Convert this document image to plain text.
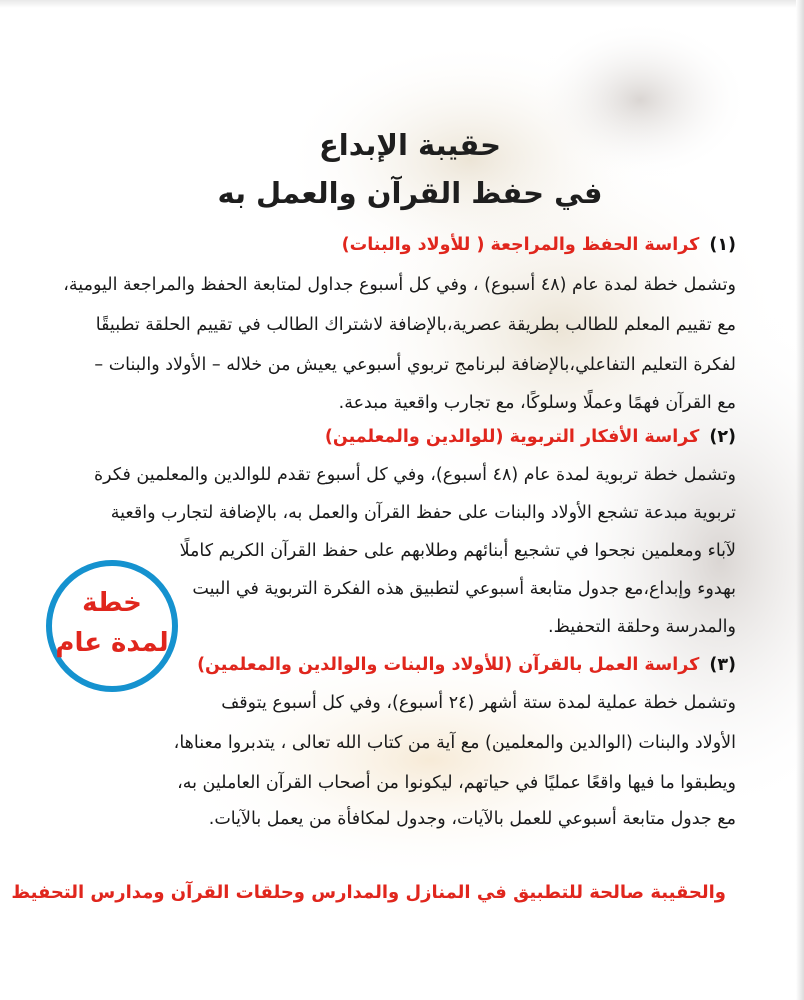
حقيبة الإبداع
في حفظ القرآن والعمل به
(١)كراسة الحفظ والمراجعة ( للأولاد والبنات)
وتشمل خطة لمدة عام (٤٨ أسبوع) ، وفي كل أسبوع جداول لمتابعة الحفظ والمراجعة اليومية،
مع تقييم المعلم للطالب بطريقة عصرية،بالإضافة لاشتراك الطالب في تقييم الحلقة تطبيقًا
لفكرة التعليم التفاعلي،بالإضافة لبرنامج تربوي أسبوعي يعيش من خلاله – الأولاد والبنات –
مع القرآن فهمًا وعملًا وسلوكًا، مع تجارب واقعية مبدعة.
(٢)كراسة الأفكار التربوية (للوالدين والمعلمين)
وتشمل خطة تربوية لمدة عام (٤٨ أسبوع)، وفي كل أسبوع تقدم للوالدين والمعلمين فكرة
تربوية مبدعة تشجع الأولاد والبنات على حفظ القرآن والعمل به، بالإضافة لتجارب واقعية
لآباء ومعلمين نجحوا في تشجيع أبنائهم وطلابهم على حفظ القرآن الكريم كاملًا
بهدوء وإبداع،مع جدول متابعة أسبوعي لتطبيق هذه الفكرة التربوية في البيت
والمدرسة وحلقة التحفيظ.
(٣)كراسة العمل بالقرآن (للأولاد والبنات والوالدين والمعلمين)
وتشمل خطة عملية لمدة ستة أشهر (٢٤ أسبوع)، وفي كل أسبوع يتوقف
الأولاد والبنات (الوالدين والمعلمين) مع آية من كتاب الله تعالى ، يتدبروا معناها،
ويطبقوا ما فيها واقعًا عمليًا في حياتهم، ليكونوا من أصحاب القرآن العاملين به،
مع جدول متابعة أسبوعي للعمل بالآيات، وجدول لمكافأة من يعمل بالآيات.
خطة
لمدة عام
والحقيبة صالحة للتطبيق في المنازل والمدارس وحلقات القرآن ومدارس التحفيظ
